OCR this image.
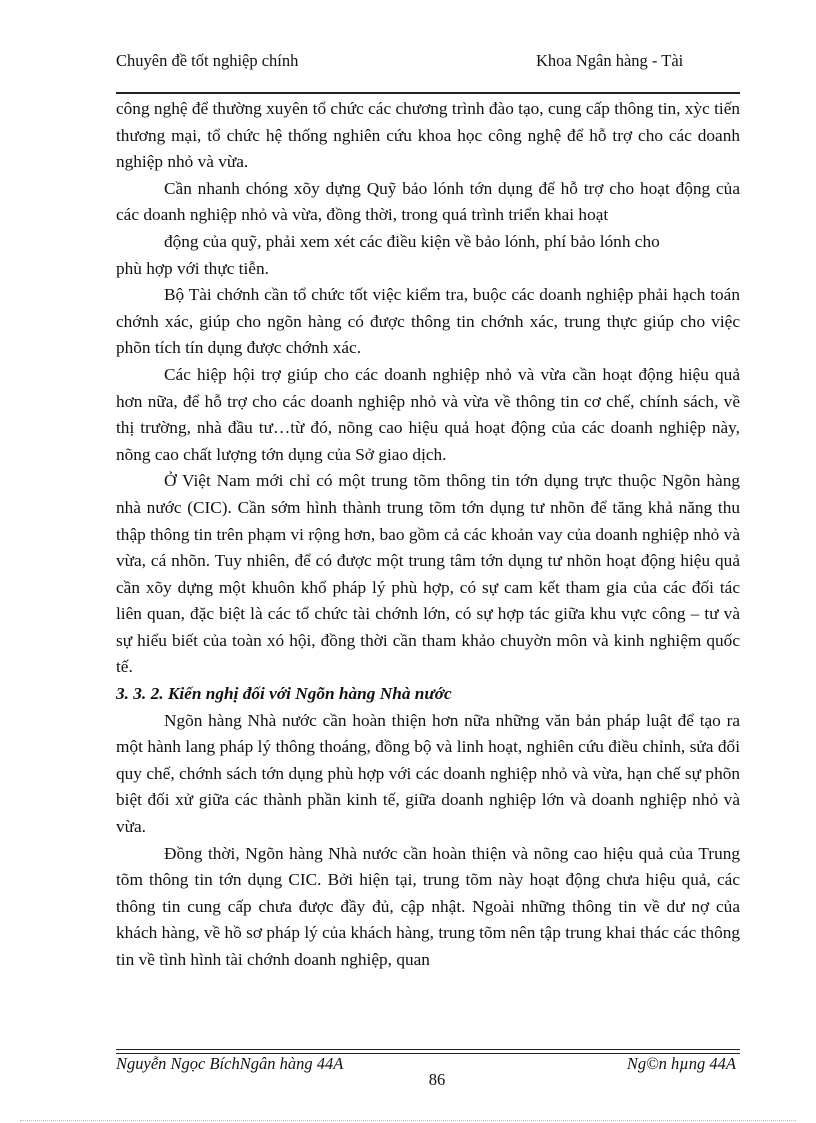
Chuyên đề tốt nghiệp chính	Khoa Ngân hàng - Tài

công nghệ để thường xuyên tổ chức các chương trình đào tạo, cung cấp thông tin, xỳc tiến thương mại, tổ chức hệ thống nghiên cứu khoa học công nghệ để hỗ trợ cho các doanh nghiệp nhỏ và vừa.

Cần nhanh chóng xõy dựng Quỹ bảo lónh tớn dụng để hỗ trợ cho hoạt động của các doanh nghiệp nhỏ và vừa, đồng thời, trong quá trình triển khai hoạt

động của quỹ, phải xem xét các điều kiện về bảo lónh, phí bảo lónh cho

phù hợp với thực tiễn.

Bộ Tài chớnh cần tổ chức tốt việc kiểm tra, buộc các doanh nghiệp phải hạch toán chớnh xác, giúp cho ngõn hàng có được thông tin chớnh xác, trung thực giúp cho việc phõn tích tín dụng được chớnh xác.

Các hiệp hội trợ giúp cho các doanh nghiệp nhỏ và vừa cần hoạt động hiệu quả hơn nữa, để hỗ trợ cho các doanh nghiệp nhỏ và vừa về thông tin cơ chế, chính sách, về thị trường, nhà đầu tư…từ đó, nõng cao hiệu quả hoạt động của các doanh nghiệp này, nõng cao chất lượng tớn dụng của Sở giao dịch.

Ở Việt Nam mới chỉ có một trung tõm thông tin tớn dụng trực thuộc Ngõn hàng nhà nước (CIC). Cần sớm hình thành trung tõm tớn dụng tư nhõn để tăng khả năng thu thập thông tin trên phạm vi rộng hơn, bao gồm cả các khoản vay của doanh nghiệp nhỏ và vừa, cá nhõn. Tuy nhiên, để có được một trung tâm tớn dụng tư nhõn hoạt động hiệu quả cần xõy dựng một khuôn khổ pháp lý phù hợp, có sự cam kết tham gia của các đối tác liên quan, đặc biệt là các tổ chức tài chớnh lớn, có sự hợp tác giữa khu vực công – tư và sự hiểu biết của toàn xó hội, đồng thời cần tham khảo chuyờn môn và kinh nghiệm quốc tế.

3. 3. 2. Kiến nghị đối với Ngõn hàng Nhà nước

Ngõn hàng Nhà nước cần hoàn thiện hơn nữa những văn bản pháp luật để tạo ra một hành lang pháp lý thông thoáng, đồng bộ và linh hoạt, nghiên cứu điều chỉnh, sửa đổi quy chế, chớnh sách tớn dụng phù hợp với các doanh nghiệp nhỏ và vừa, hạn chế sự phõn biệt đối xử giữa các thành phần kinh tế, giữa doanh nghiệp lớn và doanh nghiệp nhỏ và vừa.

Đồng thời, Ngõn hàng Nhà nước cần hoàn thiện và nõng cao hiệu quả của Trung tõm thông tin tớn dụng CIC. Bởi hiện tại, trung tõm này hoạt động chưa hiệu quả, các thông tin cung cấp chưa được đầy đủ, cập nhật. Ngoài những thông tin về dư nợ của khách hàng, về hồ sơ pháp lý của khách hàng, trung tõm nên tập trung khai thác các thông tin về tình hình tài chớnh doanh nghiệp, quan

Nguyễn Ngọc BíchNgân hàng 44A	Ng©n hµng 44A
86
